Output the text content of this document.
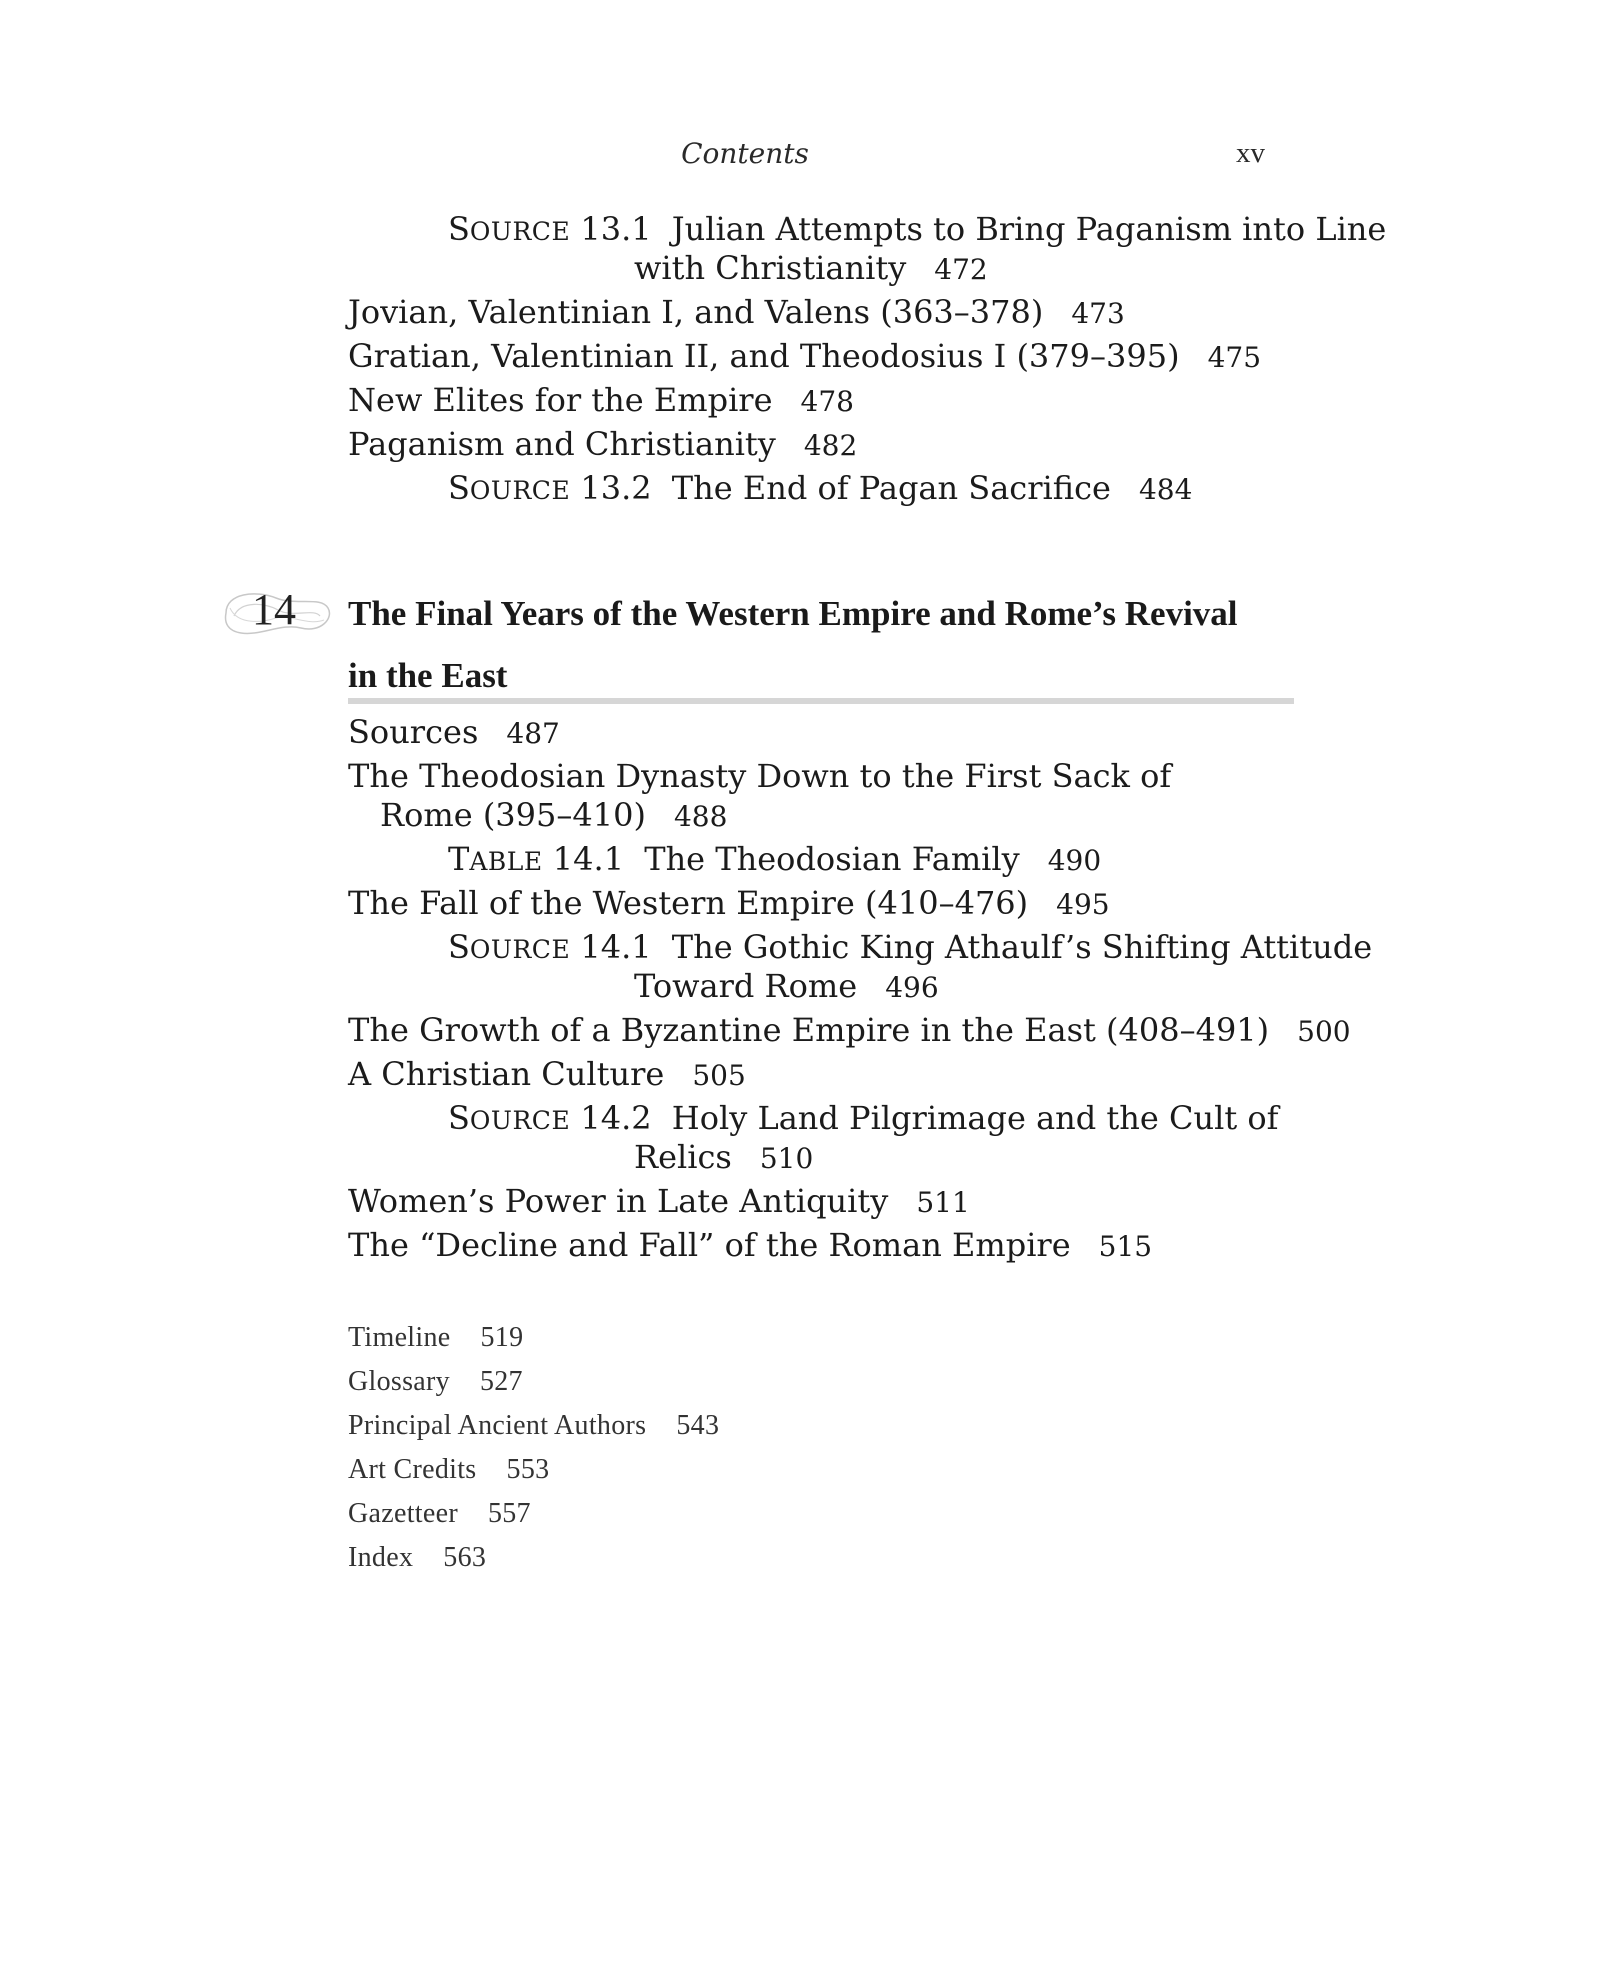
Contents	xv
SOURCE 13.1 Julian Attempts to Bring Paganism into Line
with Christianity 472
Jovian, Valentinian I, and Valens (363–378) 473
Gratian, Valentinian II, and Theodosius I (379–395) 475
New Elites for the Empire 478
Paganism and Christianity 482
SOURCE 13.2 The End of Pagan Sacrifice 484
14 The Final Years of the Western Empire and Rome’s Revival
in the East
Sources 487
The Theodosian Dynasty Down to the First Sack of
Rome (395–410) 488
TABLE 14.1 The Theodosian Family 490
The Fall of the Western Empire (410–476) 495
SOURCE 14.1 The Gothic King Athaulf’s Shifting Attitude
Toward Rome 496
The Growth of a Byzantine Empire in the East (408–491) 500
A Christian Culture 505
SOURCE 14.2 Holy Land Pilgrimage and the Cult of
Relics 510
Women’s Power in Late Antiquity 511
The “Decline and Fall” of the Roman Empire 515
Timeline 519
Glossary 527
Principal Ancient Authors 543
Art Credits 553
Gazetteer 557
Index 563
